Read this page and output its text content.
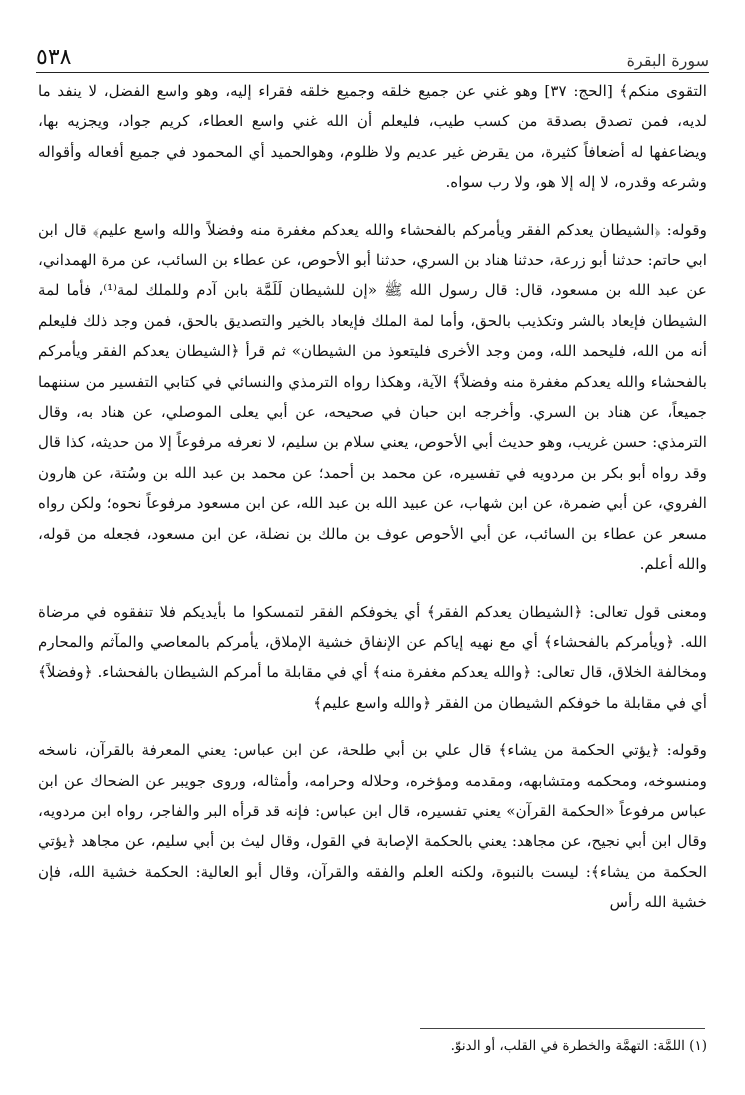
٥٣٨	سورة البقرة

التقوى منكم﴾ [الحج: ٣٧] وهو غني عن جميع خلقه وجميع خلقه فقراء إليه، وهو واسع الفضل، لا ينفد ما لديه، فمن تصدق بصدقة من كسب طيب، فليعلم أن الله غني واسع العطاء، كريم جواد، ويجزيه بها، ويضاعفها له أضعافاً كثيرة، من يقرض غير عديم ولا ظلوم، وهوالحميد أي المحمود في جميع أفعاله وأقواله وشرعه وقدره، لا إله إلا هو، ولا رب سواه.

وقوله: ﴿الشيطان يعدكم الفقر ويأمركم بالفحشاء والله يعدكم مغفرة منه وفضلاً والله واسع عليم﴾ قال ابن ابي حاتم: حدثنا أبو زرعة، حدثنا هناد بن السري، حدثنا أبو الأحوص، عن عطاء بن السائب، عن مرة الهمداني، عن عبد الله بن مسعود، قال: قال رسول الله ﷺ «إن للشيطان لَلَمَّة بابن آدم وللملك لمة⁽¹⁾، فأما لمة الشيطان فإيعاد بالشر وتكذيب بالحق، وأما لمة الملك فإيعاد بالخير والتصديق بالحق، فمن وجد ذلك فليعلم أنه من الله، فليحمد الله، ومن وجد الأخرى فليتعوذ من الشيطان» ثم قرأ ﴿الشيطان يعدكم الفقر ويأمركم بالفحشاء والله يعدكم مغفرة منه وفضلاً﴾ الآية، وهكذا رواه الترمذي والنسائي في كتابي التفسير من سننهما جميعاً، عن هناد بن السري. وأخرجه ابن حبان في صحيحه، عن أبي يعلى الموصلي، عن هناد به، وقال الترمذي: حسن غريب، وهو حديث أبي الأحوص، يعني سلام بن سليم، لا نعرفه مرفوعاً إلا من حديثه، كذا قال وقد رواه أبو بكر بن مردويه في تفسيره، عن محمد بن أحمد؛ عن محمد بن عبد الله بن وسُتة، عن هارون الفروي، عن أبي ضمرة، عن ابن شهاب، عن عبيد الله بن عبد الله، عن ابن مسعود مرفوعاً نحوه؛ ولكن رواه مسعر عن عطاء بن السائب، عن أبي الأحوص عوف بن مالك بن نضلة، عن ابن مسعود، فجعله من قوله، والله أعلم.

ومعنى قول تعالى: ﴿الشيطان يعدكم الفقر﴾ أي يخوفكم الفقر لتمسكوا ما بأيديكم فلا تنفقوه في مرضاة الله. ﴿ويأمركم بالفحشاء﴾ أي مع نهيه إياكم عن الإنفاق خشية الإملاق، يأمركم بالمعاصي والمآثم والمحارم ومخالفة الخلاق، قال تعالى: ﴿والله يعدكم مغفرة منه﴾ أي في مقابلة ما أمركم الشيطان بالفحشاء. ﴿وفضلاً﴾ أي في مقابلة ما خوفكم الشيطان من الفقر ﴿والله واسع عليم﴾

وقوله: ﴿يؤتي الحكمة من يشاء﴾ قال علي بن أبي طلحة، عن ابن عباس: يعني المعرفة بالقرآن، ناسخه ومنسوخه، ومحكمه ومتشابهه، ومقدمه ومؤخره، وحلاله وحرامه، وأمثاله، وروى جويبر عن الضحاك عن ابن عباس مرفوعاً «الحكمة القرآن» يعني تفسيره، قال ابن عباس: فإنه قد قرأه البر والفاجر، رواه ابن مردويه، وقال ابن أبي نجيح، عن مجاهد: يعني بالحكمة الإصابة في القول، وقال ليث بن أبي سليم، عن مجاهد ﴿يؤتي الحكمة من يشاء﴾: ليست بالنبوة، ولكنه العلم والفقه والقرآن، وقال أبو العالية: الحكمة خشية الله، فإن خشية الله رأس

(١) اللمَّة: التهمَّة والخطرة في القلب، أو الدنوّ.
